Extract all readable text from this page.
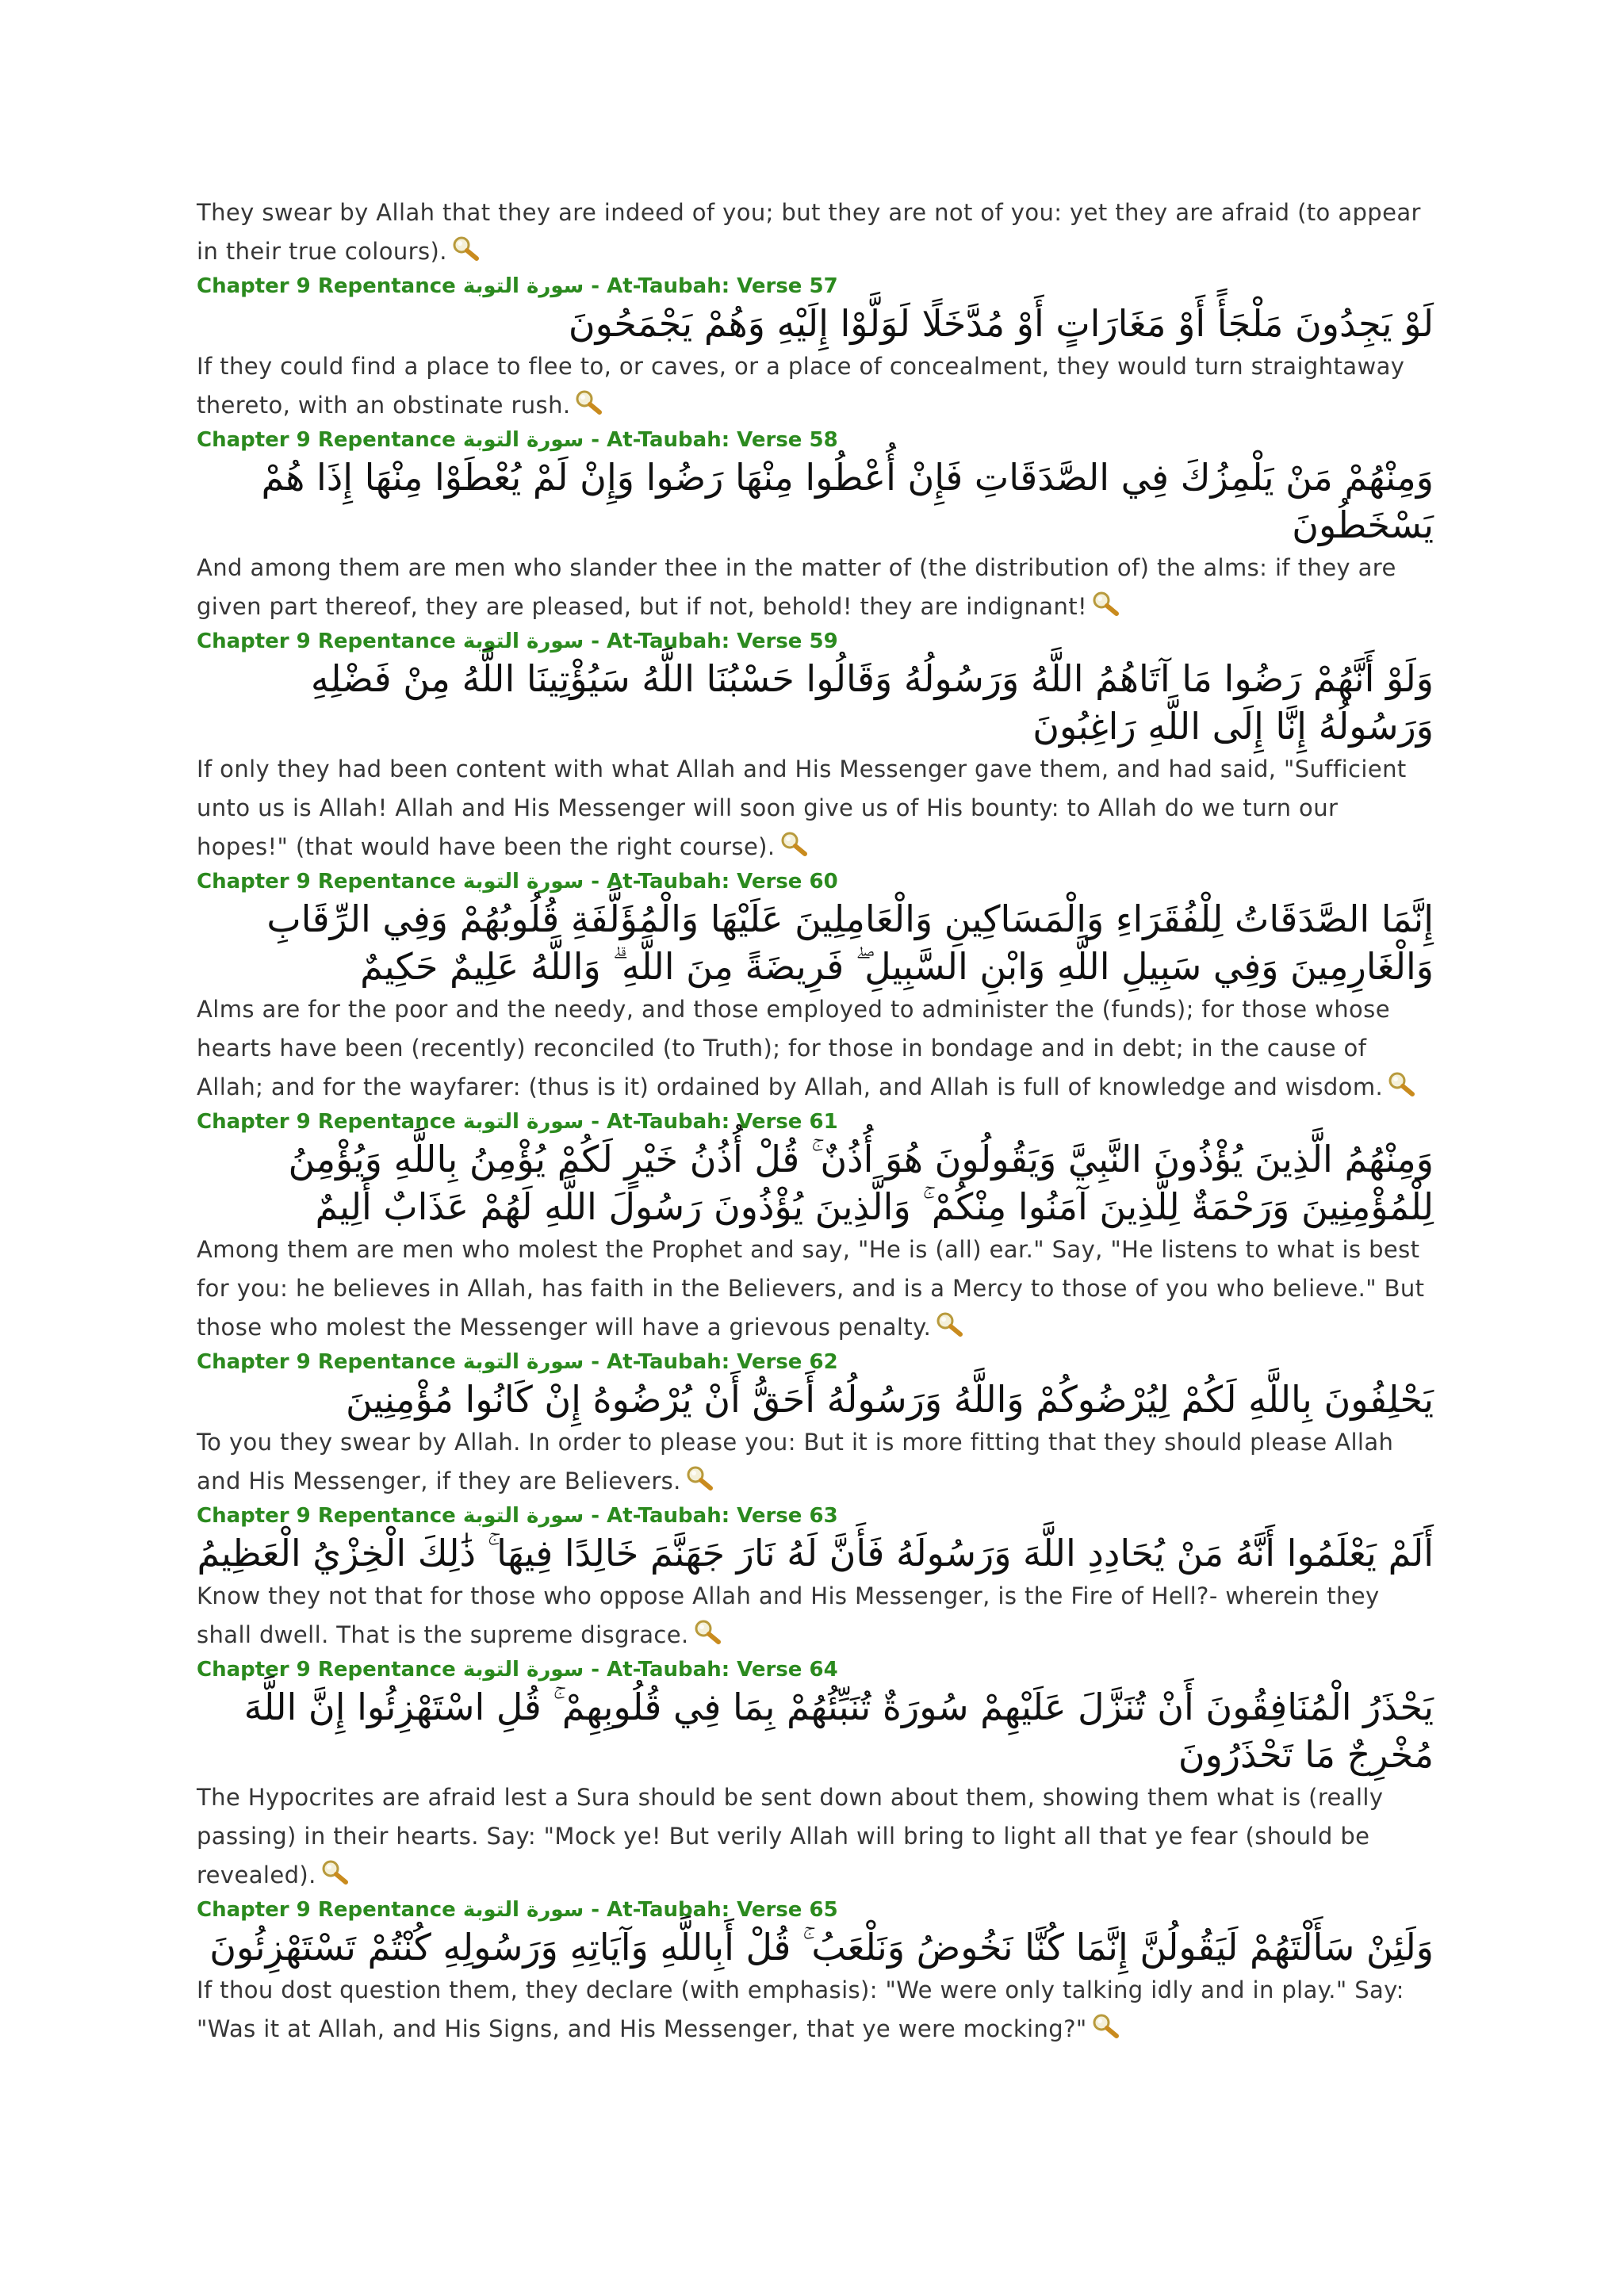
They swear by Allah that they are indeed of you; but they are not of you: yet they are afraid (to appear in their true colours).

Chapter 9 Repentance سورة التوبة - At-Taubah: Verse 57

لَوْ يَجِدُونَ مَلْجَأً أَوْ مَغَارَاتٍ أَوْ مُدَّخَلًا لَوَلَّوْا إِلَيْهِ وَهُمْ يَجْمَحُونَ

If they could find a place to flee to, or caves, or a place of concealment, they would turn straightaway thereto, with an obstinate rush.

Chapter 9 Repentance سورة التوبة - At-Taubah: Verse 58

وَمِنْهُمْ مَنْ يَلْمِزُكَ فِي الصَّدَقَاتِ فَإِنْ أُعْطُوا مِنْهَا رَضُوا وَإِنْ لَمْ يُعْطَوْا مِنْهَا إِذَا هُمْ يَسْخَطُونَ

And among them are men who slander thee in the matter of (the distribution of) the alms: if they are given part thereof, they are pleased, but if not, behold! they are indignant!

Chapter 9 Repentance سورة التوبة - At-Taubah: Verse 59

وَلَوْ أَنَّهُمْ رَضُوا مَا آتَاهُمُ اللَّهُ وَرَسُولُهُ وَقَالُوا حَسْبُنَا اللَّهُ سَيُؤْتِينَا اللَّهُ مِنْ فَضْلِهِ وَرَسُولُهُ إِنَّا إِلَى اللَّهِ رَاغِبُونَ

If only they had been content with what Allah and His Messenger gave them, and had said, "Sufficient unto us is Allah! Allah and His Messenger will soon give us of His bounty: to Allah do we turn our hopes!" (that would have been the right course).

Chapter 9 Repentance سورة التوبة - At-Taubah: Verse 60

إِنَّمَا الصَّدَقَاتُ لِلْفُقَرَاءِ وَالْمَسَاكِينِ وَالْعَامِلِينَ عَلَيْهَا وَالْمُؤَلَّفَةِ قُلُوبُهُمْ وَفِي الرِّقَابِ وَالْغَارِمِينَ وَفِي سَبِيلِ اللَّهِ وَابْنِ السَّبِيلِ ۖ فَرِيضَةً مِنَ اللَّهِ ۗ وَاللَّهُ عَلِيمٌ حَكِيمٌ

Alms are for the poor and the needy, and those employed to administer the (funds); for those whose hearts have been (recently) reconciled (to Truth); for those in bondage and in debt; in the cause of Allah; and for the wayfarer: (thus is it) ordained by Allah, and Allah is full of knowledge and wisdom.

Chapter 9 Repentance سورة التوبة - At-Taubah: Verse 61

وَمِنْهُمُ الَّذِينَ يُؤْذُونَ النَّبِيَّ وَيَقُولُونَ هُوَ أُذُنٌ ۚ قُلْ أُذُنُ خَيْرٍ لَكُمْ يُؤْمِنُ بِاللَّهِ وَيُؤْمِنُ لِلْمُؤْمِنِينَ وَرَحْمَةٌ لِلَّذِينَ آمَنُوا مِنْكُمْ ۚ وَالَّذِينَ يُؤْذُونَ رَسُولَ اللَّهِ لَهُمْ عَذَابٌ أَلِيمٌ

Among them are men who molest the Prophet and say, "He is (all) ear." Say, "He listens to what is best for you: he believes in Allah, has faith in the Believers, and is a Mercy to those of you who believe." But those who molest the Messenger will have a grievous penalty.

Chapter 9 Repentance سورة التوبة - At-Taubah: Verse 62

يَحْلِفُونَ بِاللَّهِ لَكُمْ لِيُرْضُوكُمْ وَاللَّهُ وَرَسُولُهُ أَحَقُّ أَنْ يُرْضُوهُ إِنْ كَانُوا مُؤْمِنِينَ

To you they swear by Allah. In order to please you: But it is more fitting that they should please Allah and His Messenger, if they are Believers.

Chapter 9 Repentance سورة التوبة - At-Taubah: Verse 63

أَلَمْ يَعْلَمُوا أَنَّهُ مَنْ يُحَادِدِ اللَّهَ وَرَسُولَهُ فَأَنَّ لَهُ نَارَ جَهَنَّمَ خَالِدًا فِيهَا ۚ ذَٰلِكَ الْخِزْيُ الْعَظِيمُ

Know they not that for those who oppose Allah and His Messenger, is the Fire of Hell?- wherein they shall dwell. That is the supreme disgrace.

Chapter 9 Repentance سورة التوبة - At-Taubah: Verse 64

يَحْذَرُ الْمُنَافِقُونَ أَنْ تُنَزَّلَ عَلَيْهِمْ سُورَةٌ تُنَبِّئُهُمْ بِمَا فِي قُلُوبِهِمْ ۚ قُلِ اسْتَهْزِئُوا إِنَّ اللَّهَ مُخْرِجٌ مَا تَحْذَرُونَ

The Hypocrites are afraid lest a Sura should be sent down about them, showing them what is (really passing) in their hearts. Say: "Mock ye! But verily Allah will bring to light all that ye fear (should be revealed).

Chapter 9 Repentance سورة التوبة - At-Taubah: Verse 65

وَلَئِنْ سَأَلْتَهُمْ لَيَقُولُنَّ إِنَّمَا كُنَّا نَخُوضُ وَنَلْعَبُ ۚ قُلْ أَبِاللَّهِ وَآيَاتِهِ وَرَسُولِهِ كُنْتُمْ تَسْتَهْزِئُونَ

If thou dost question them, they declare (with emphasis): "We were only talking idly and in play." Say: "Was it at Allah, and His Signs, and His Messenger, that ye were mocking?"
